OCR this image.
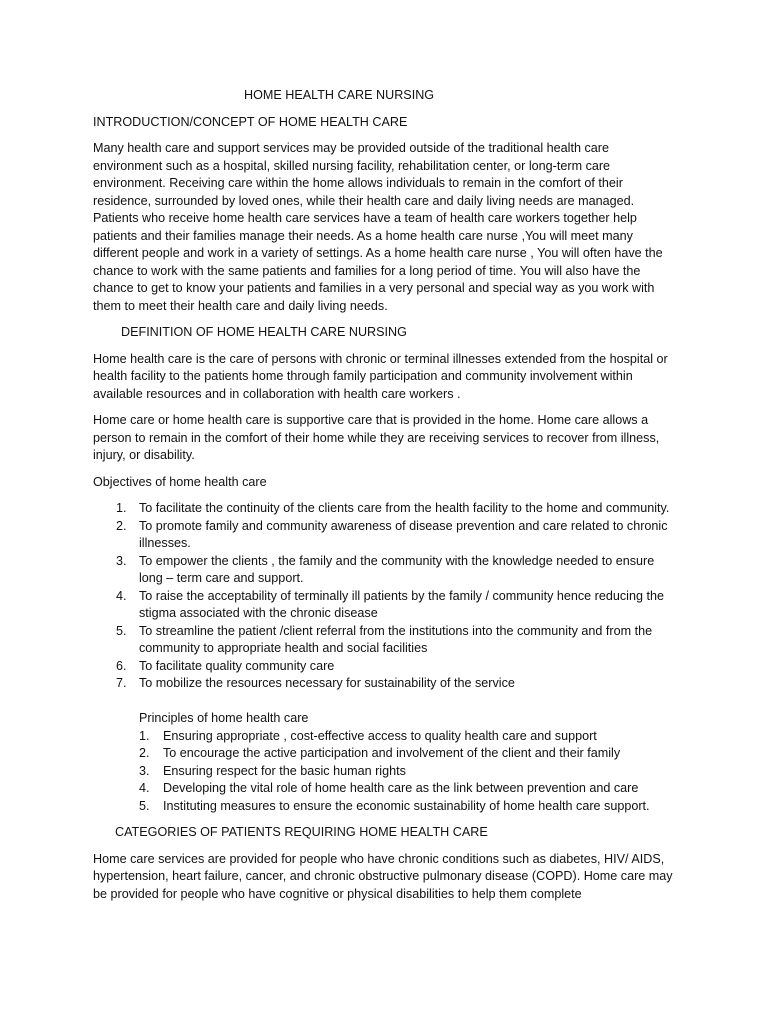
HOME HEALTH CARE NURSING

INTRODUCTION/CONCEPT OF HOME HEALTH CARE

Many health care and support services may be provided outside of the traditional health care environment such as a hospital, skilled nursing facility, rehabilitation center, or long-term care environment. Receiving care within the home allows individuals to remain in the comfort of their residence, surrounded by loved ones, while their health care and daily living needs are managed. Patients who receive home health care services have a team of health care workers together help patients and their families manage their needs. As a home health care nurse ,You will meet many different people and work in a variety of settings. As a home health care nurse , You will often have the chance to work with the same patients and families for a long period of time. You will also have the chance to get to know your patients and families in a very personal and special way as you work with them to meet their health care and daily living needs.

DEFINITION OF HOME HEALTH CARE NURSING

Home health care is the care of persons with chronic or terminal illnesses extended from the hospital or health facility to the patients home through family participation and community involvement within available resources and in collaboration with health care workers .

Home care or home health care is supportive care that is provided in the home. Home care allows a person to remain in the comfort of their home while they are receiving services to recover from illness, injury, or disability.

Objectives of home health care

1. To facilitate the continuity of the clients care from the health facility to the home and community.
2. To promote family and community awareness of disease prevention and care related to chronic illnesses.
3. To empower the clients , the family and the community with the knowledge needed to ensure long – term care and support.
4. To raise the acceptability of terminally ill patients by the family / community hence reducing the stigma associated with the chronic disease
5. To streamline the patient /client referral from the institutions into the community and from the community to appropriate health and social facilities
6. To facilitate quality community care
7. To mobilize the resources necessary for sustainability of the service

Principles of home health care

1. Ensuring appropriate , cost-effective access to quality health care and support
2. To encourage the active participation and involvement of the client and their family
3. Ensuring respect for the basic human rights
4. Developing the vital role of home health care as the link between prevention and care
5. Instituting measures to ensure the economic sustainability of home health care support.

CATEGORIES OF PATIENTS REQUIRING HOME HEALTH CARE

Home care services are provided for people who have chronic conditions such as diabetes, HIV/ AIDS, hypertension, heart failure, cancer, and chronic obstructive pulmonary disease (COPD). Home care may be provided for people who have cognitive or physical disabilities to help them complete
